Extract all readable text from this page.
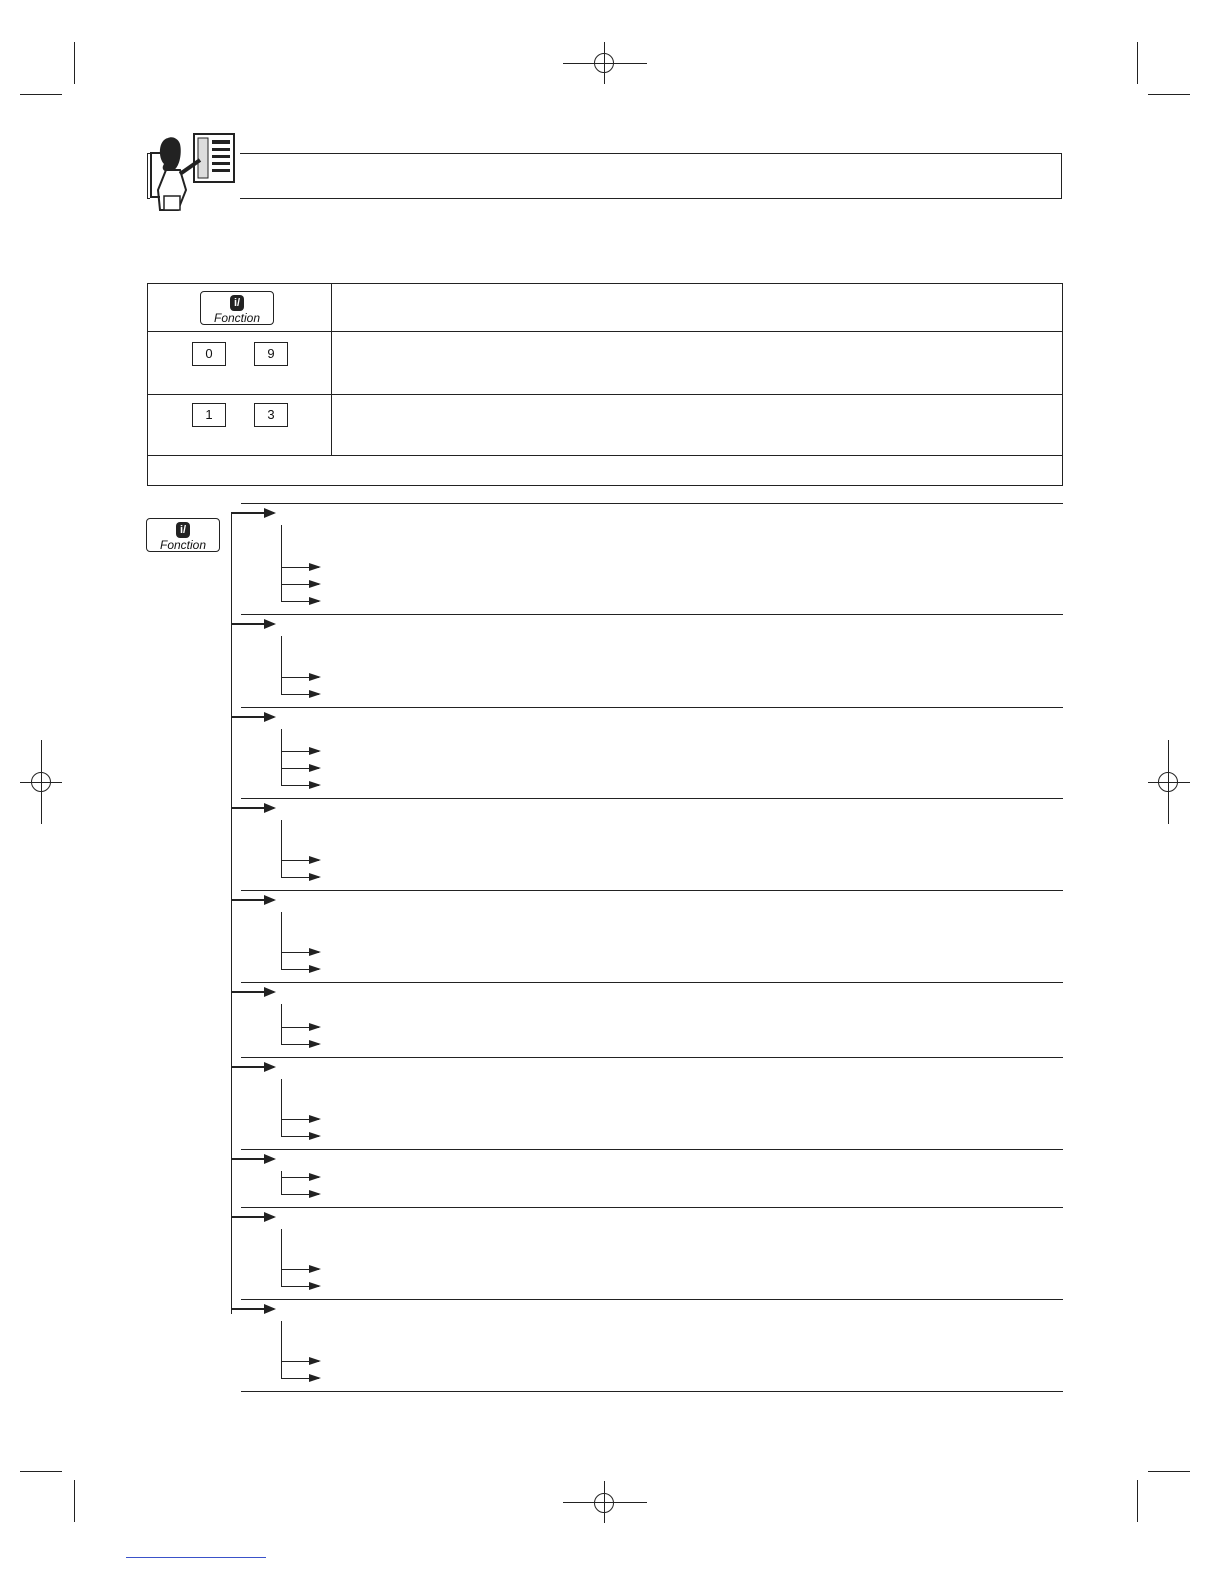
i/
Fonction	

0 9	

1 3	

i/
Fonction
